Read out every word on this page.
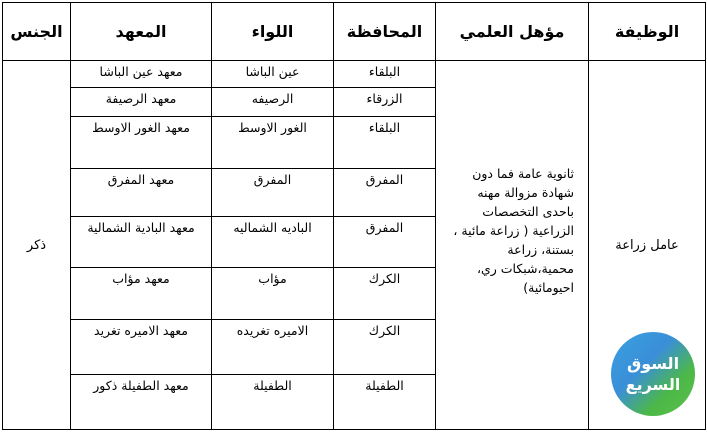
الوظيفة	مؤهل العلمي	المحافظة	اللواء	المعهد	الجنس
عامل زراعة	ثانوية عامة فما دون شهادة مزوالة مهنه باحدى التخصصات الزراعية ( زراعة مائية ، بستنة، زراعة محمية،شبكات ري، احيومائية)	البلقاء	عين الباشا	معهد عين الباشا	ذكر
		الزرقاء	الرصيفه	معهد الرصيفة	
		البلقاء	الغور الاوسط	معهد الغور الاوسط	
		المفرق	المفرق	معهد المفرق	
		المفرق	الباديه الشماليه	معهد البادية الشمالية	
		الكرك	مؤاب	معهد مؤاب	
		الكرك	الاميره تغريده	معهد الاميره تغريد	
		الطفيلة	الطفيلة	معهد الطفيلة ذكور	
السوق
السريع
